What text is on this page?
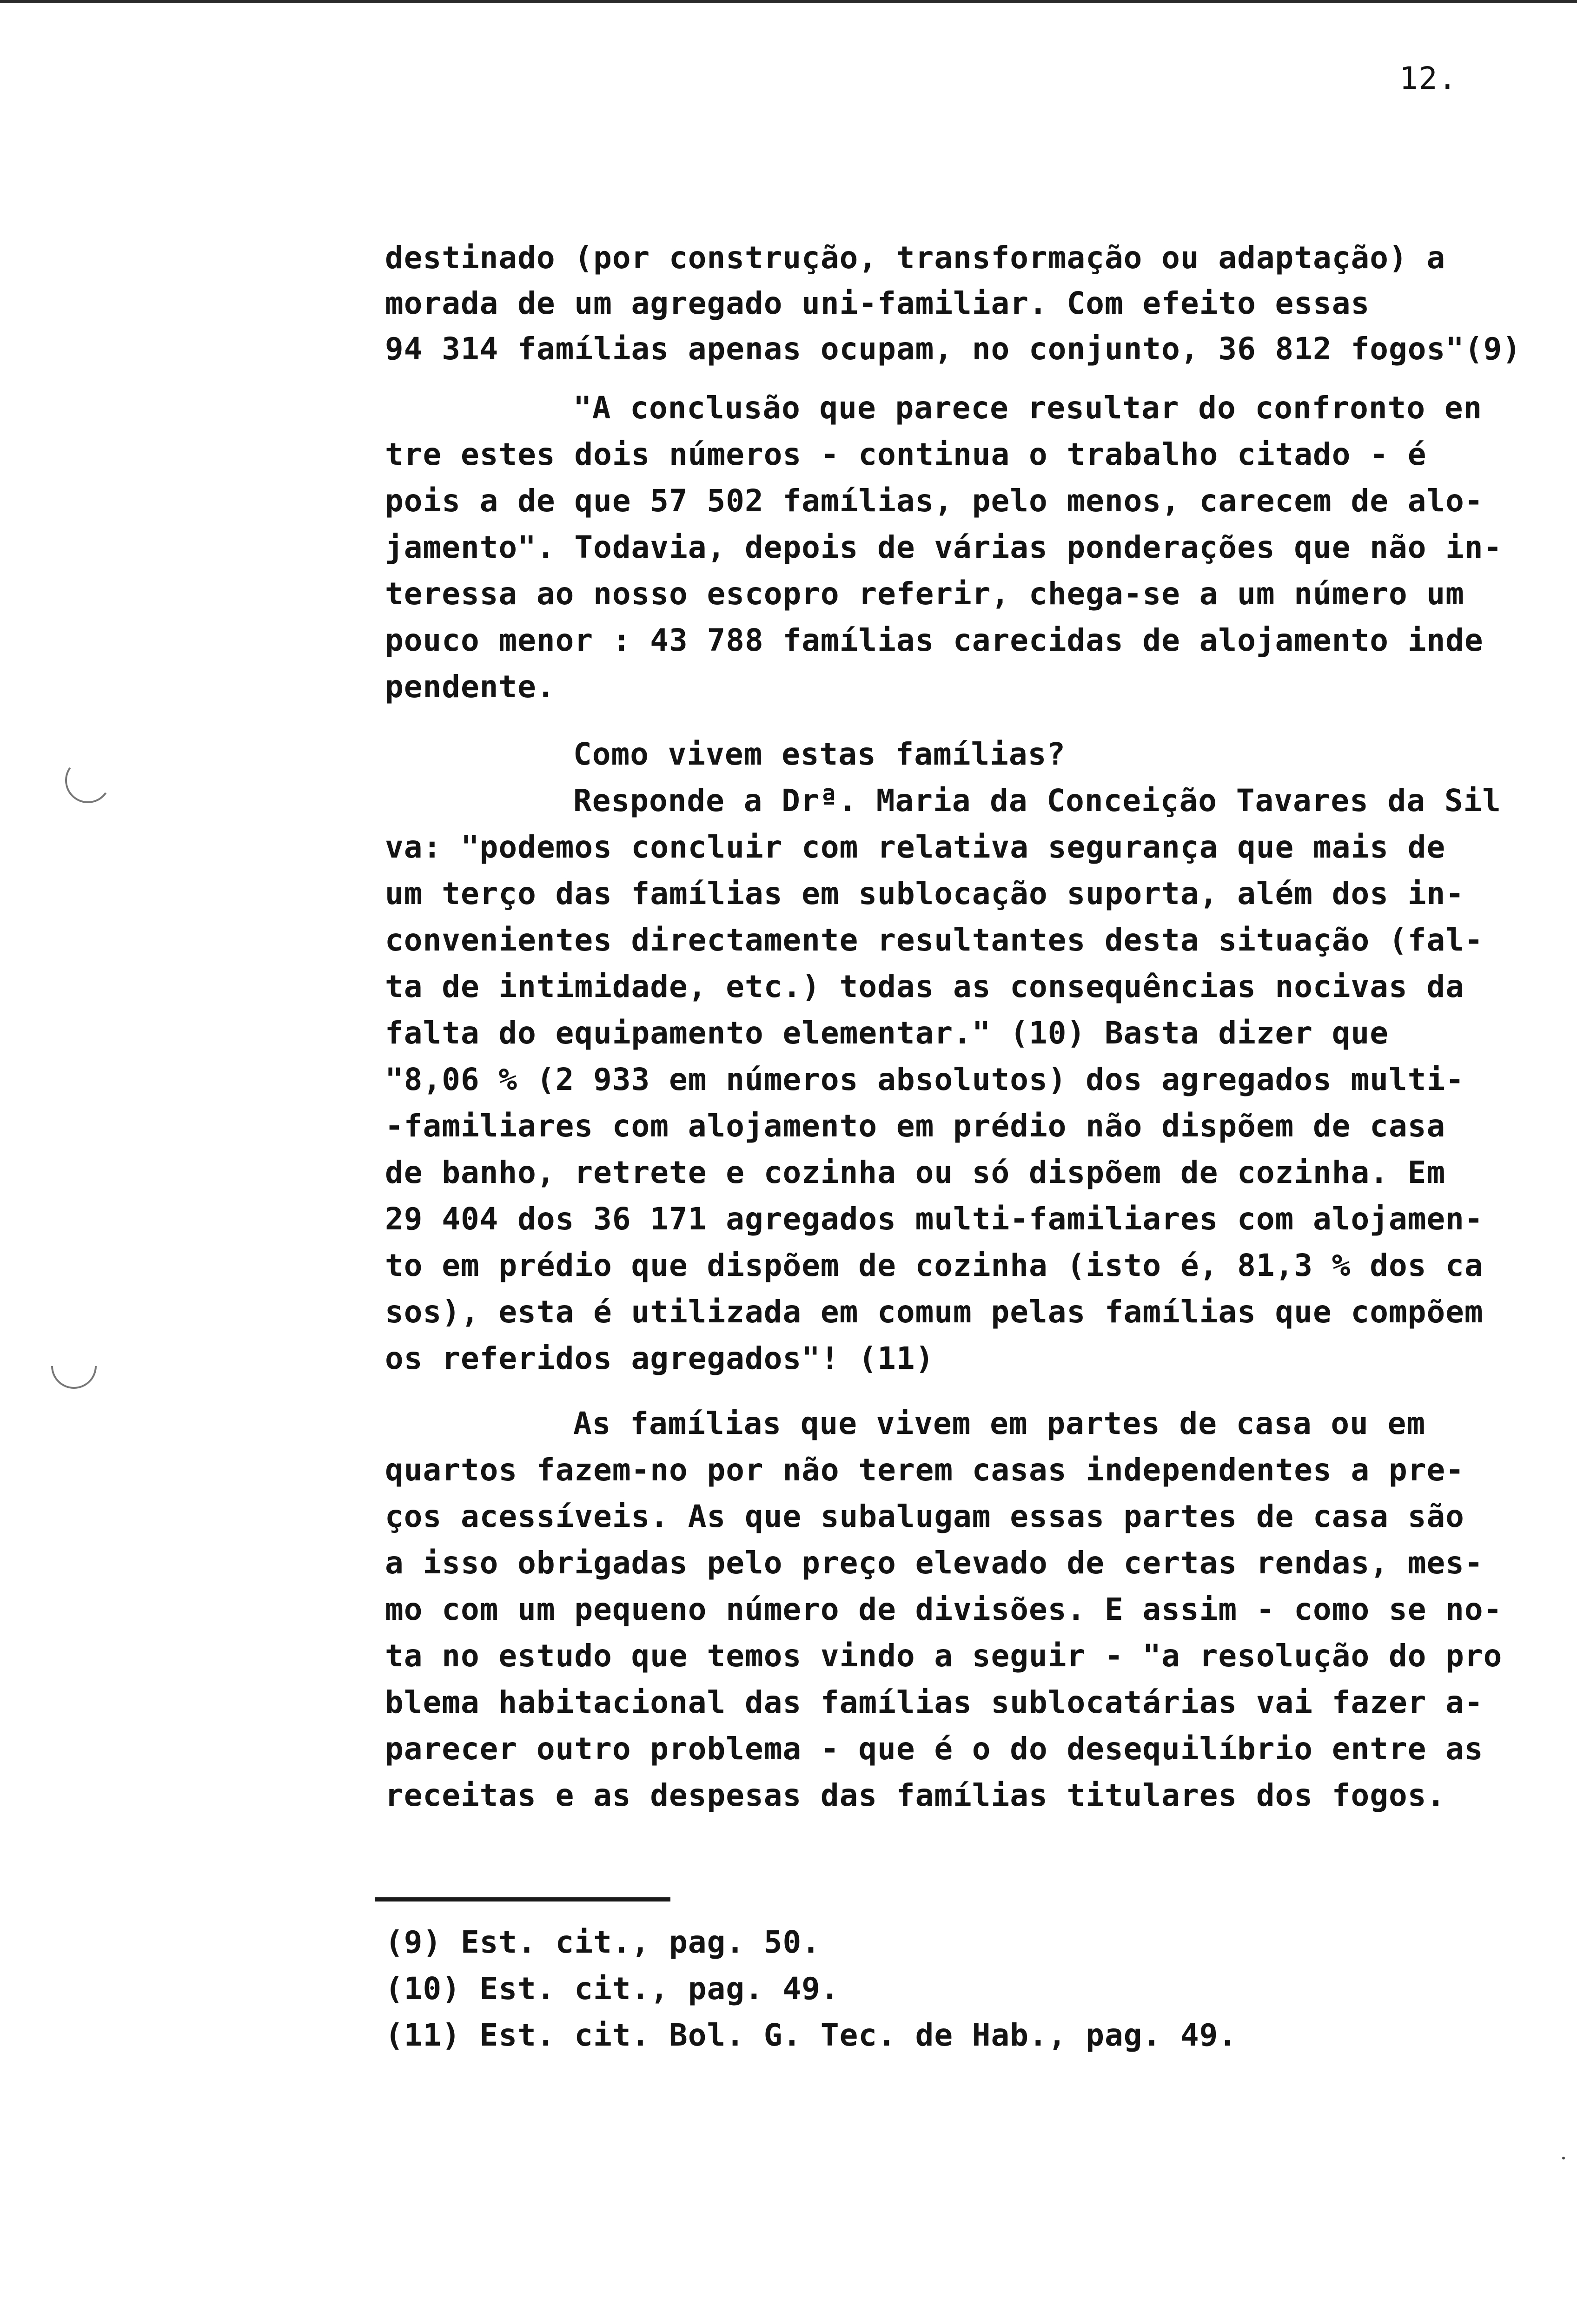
12.
destinado (por construção, transformação ou adaptação) a
morada de um agregado uni-familiar. Com efeito essas
94 314 famílias apenas ocupam, no conjunto, 36 812 fogos"(9)
"A conclusão que parece resultar do confronto en
tre estes dois números - continua o trabalho citado - é
pois a de que 57 502 famílias, pelo menos, carecem de alo-
jamento". Todavia, depois de várias ponderações que não in-
teressa ao nosso escopro referir, chega-se a um número um
pouco menor : 43 788 famílias carecidas de alojamento inde
pendente.
Como vivem estas famílias?
Responde a Drª. Maria da Conceição Tavares da Sil
va: "podemos concluir com relativa segurança que mais de
um terço das famílias em sublocação suporta, além dos in-
convenientes directamente resultantes desta situação (fal-
ta de intimidade, etc.) todas as consequências nocivas da
falta do equipamento elementar." (10) Basta dizer que
"8,06 % (2 933 em números absolutos) dos agregados multi-
-familiares com alojamento em prédio não dispõem de casa
de banho, retrete e cozinha ou só dispõem de cozinha. Em
29 404 dos 36 171 agregados multi-familiares com alojamen-
to em prédio que dispõem de cozinha (isto é, 81,3 % dos ca
sos), esta é utilizada em comum pelas famílias que compõem
os referidos agregados"! (11)
As famílias que vivem em partes de casa ou em
quartos fazem-no por não terem casas independentes a pre-
ços acessíveis. As que subalugam essas partes de casa são
a isso obrigadas pelo preço elevado de certas rendas, mes-
mo com um pequeno número de divisões. E assim - como se no-
ta no estudo que temos vindo a seguir - "a resolução do pro
blema habitacional das famílias sublocatárias vai fazer a-
parecer outro problema - que é o do desequilíbrio entre as
receitas e as despesas das famílias titulares dos fogos.
(9) Est. cit., pag. 50.
(10) Est. cit., pag. 49.
(11) Est. cit. Bol. G. Tec. de Hab., pag. 49.
